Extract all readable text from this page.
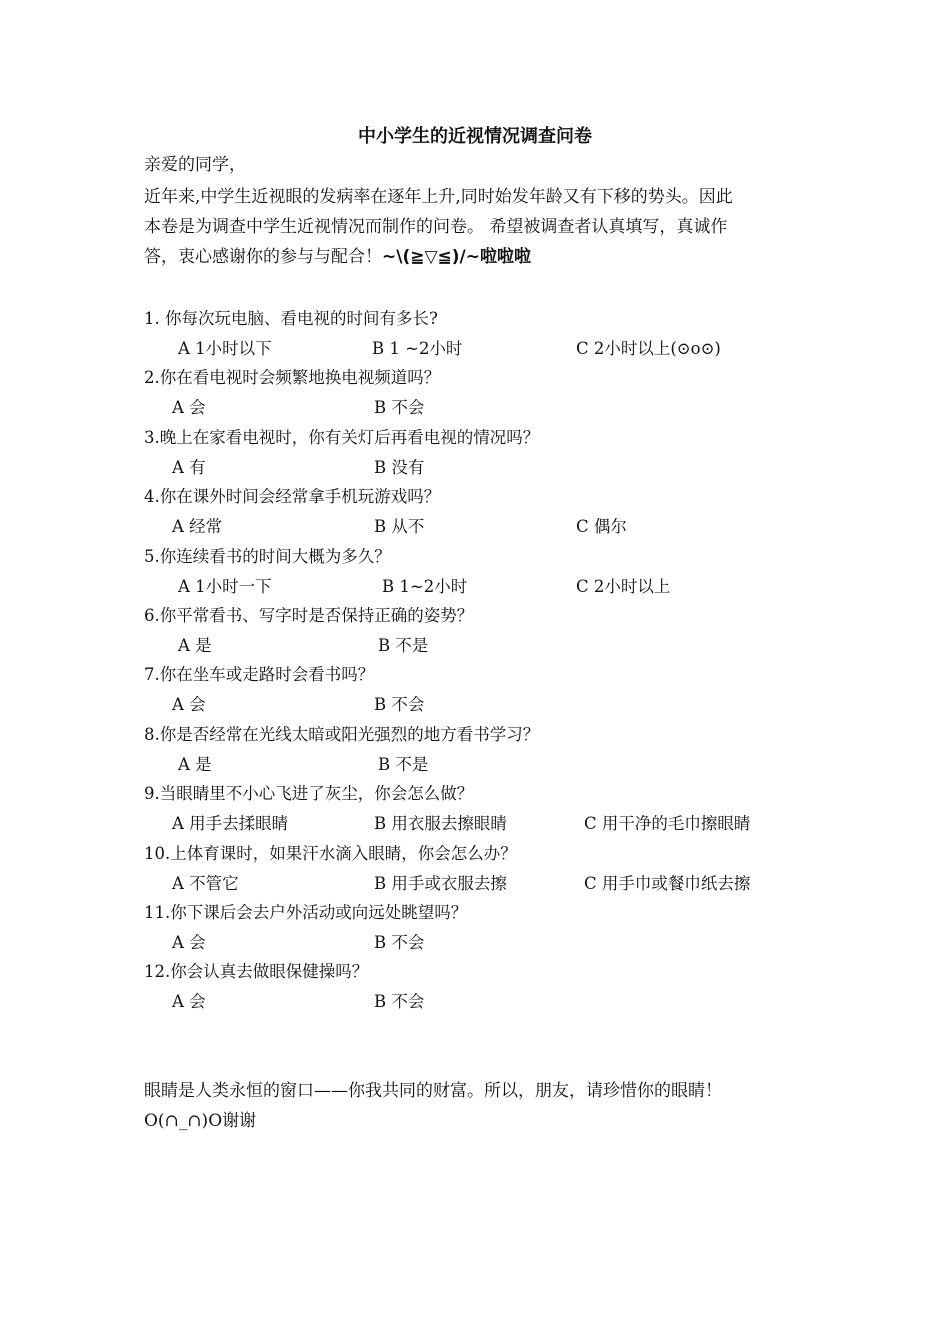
中小学生的近视情况调查问卷
亲爱的同学，
近年来,中学生近视眼的发病率在逐年上升,同时始发年龄又有下移的势头。因此
本卷是为调查中学生近视情况而制作的问卷。 希望被调查者认真填写，真诚作
答，衷心感谢你的参与与配合！~\(≧▽≦)/~啦啦啦
1. 你每次玩电脑、看电视的时间有多长?
A 1小时以下	B 1 ~2小时	C 2小时以上(⊙o⊙)
2.你在看电视时会频繁地换电视频道吗？
A 会	B 不会
3.晚上在家看电视时，你有关灯后再看电视的情况吗？
A 有	B 没有
4.你在课外时间会经常拿手机玩游戏吗？
A 经常	B 从不	C 偶尔
5.你连续看书的时间大概为多久？
A 1小时一下	B 1~2小时	C 2小时以上
6.你平常看书、写字时是否保持正确的姿势？
A 是	B 不是
7.你在坐车或走路时会看书吗？
A 会	B 不会
8.你是否经常在光线太暗或阳光强烈的地方看书学习？
A 是	B 不是
9.当眼睛里不小心飞进了灰尘，你会怎么做？
A 用手去揉眼睛	B 用衣服去擦眼睛	C 用干净的毛巾擦眼睛
10.上体育课时，如果汗水滴入眼睛，你会怎么办？
A 不管它	B 用手或衣服去擦	C 用手巾或餐巾纸去擦
11.你下课后会去户外活动或向远处眺望吗？
A 会	B 不会
12.你会认真去做眼保健操吗？
A 会	B 不会
眼睛是人类永恒的窗口——你我共同的财富。所以，朋友，请珍惜你的眼睛！
O(∩_∩)O谢谢
